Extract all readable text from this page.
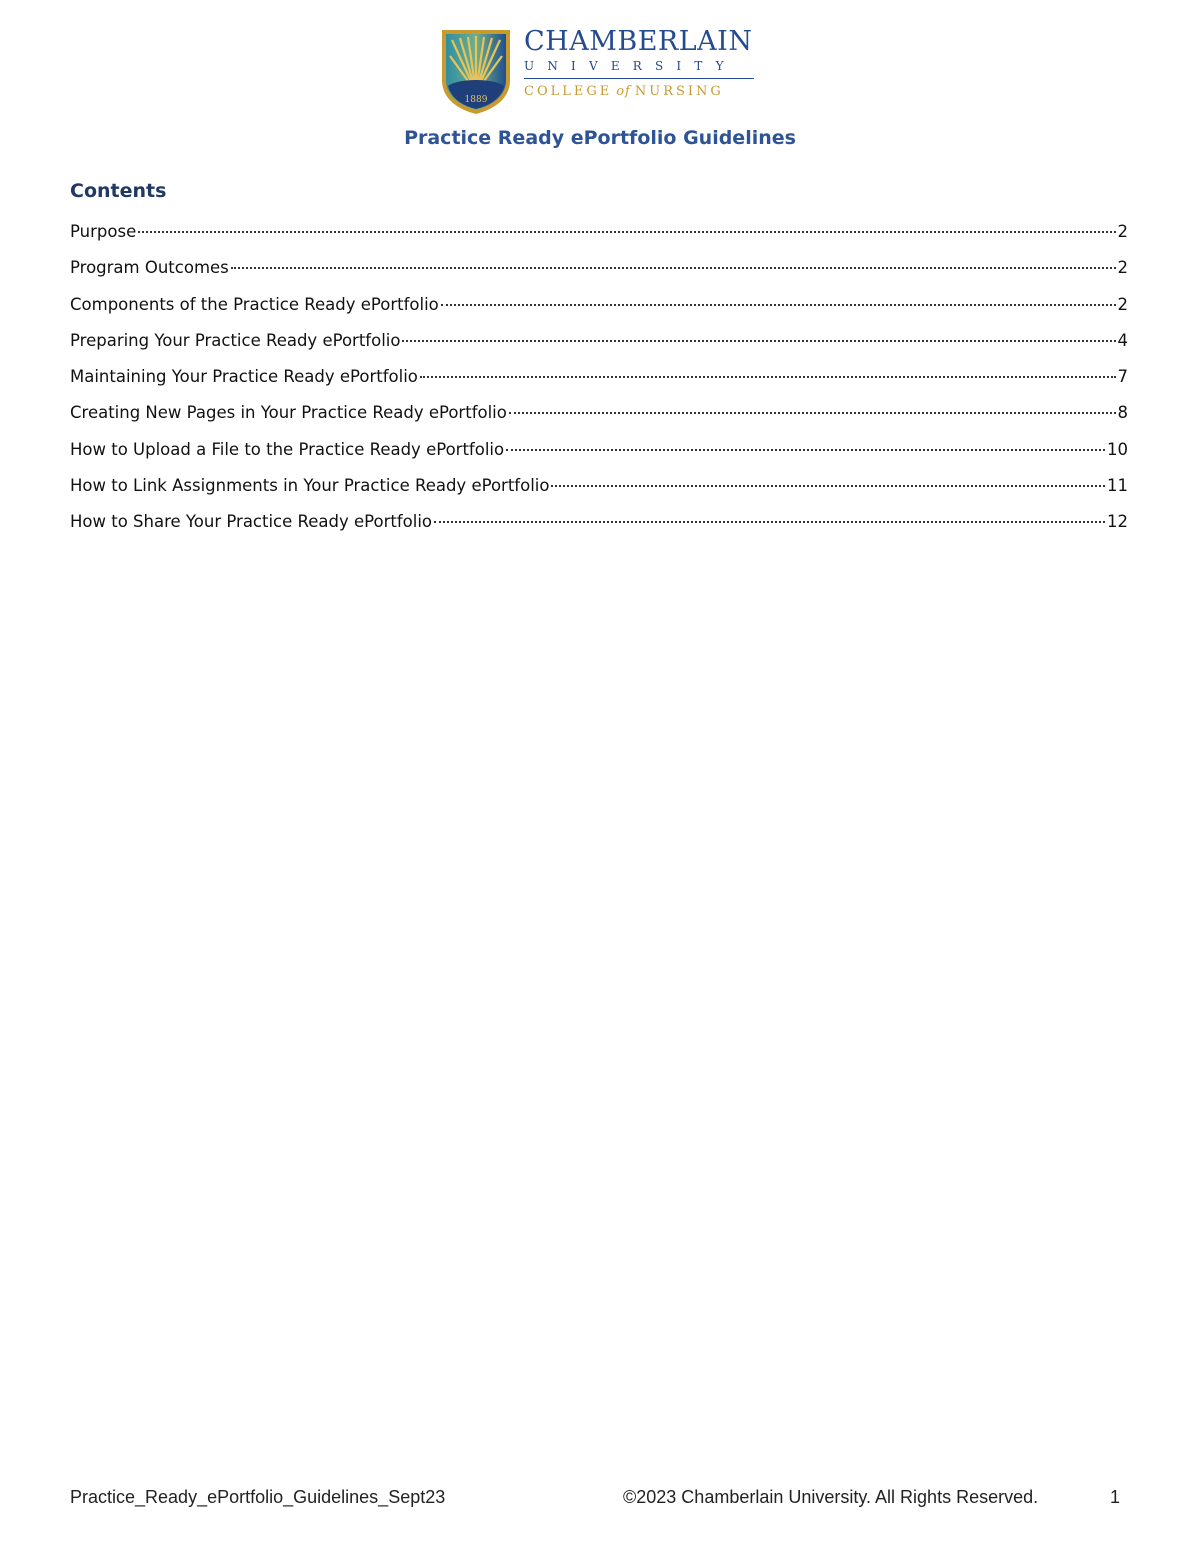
1889
CHAMBERLAIN
UNIVERSITY
COLLEGE of NURSING
Practice Ready ePortfolio Guidelines
Contents
Purpose	2
Program Outcomes	2
Components of the Practice Ready ePortfolio	2
Preparing Your Practice Ready ePortfolio	4
Maintaining Your Practice Ready ePortfolio	7
Creating New Pages in Your Practice Ready ePortfolio	8
How to Upload a File to the Practice Ready ePortfolio	10
How to Link Assignments in Your Practice Ready ePortfolio	11
How to Share Your Practice Ready ePortfolio	12
Practice_Ready_ePortfolio_Guidelines_Sept23	©2023 Chamberlain University. All Rights Reserved.	1
